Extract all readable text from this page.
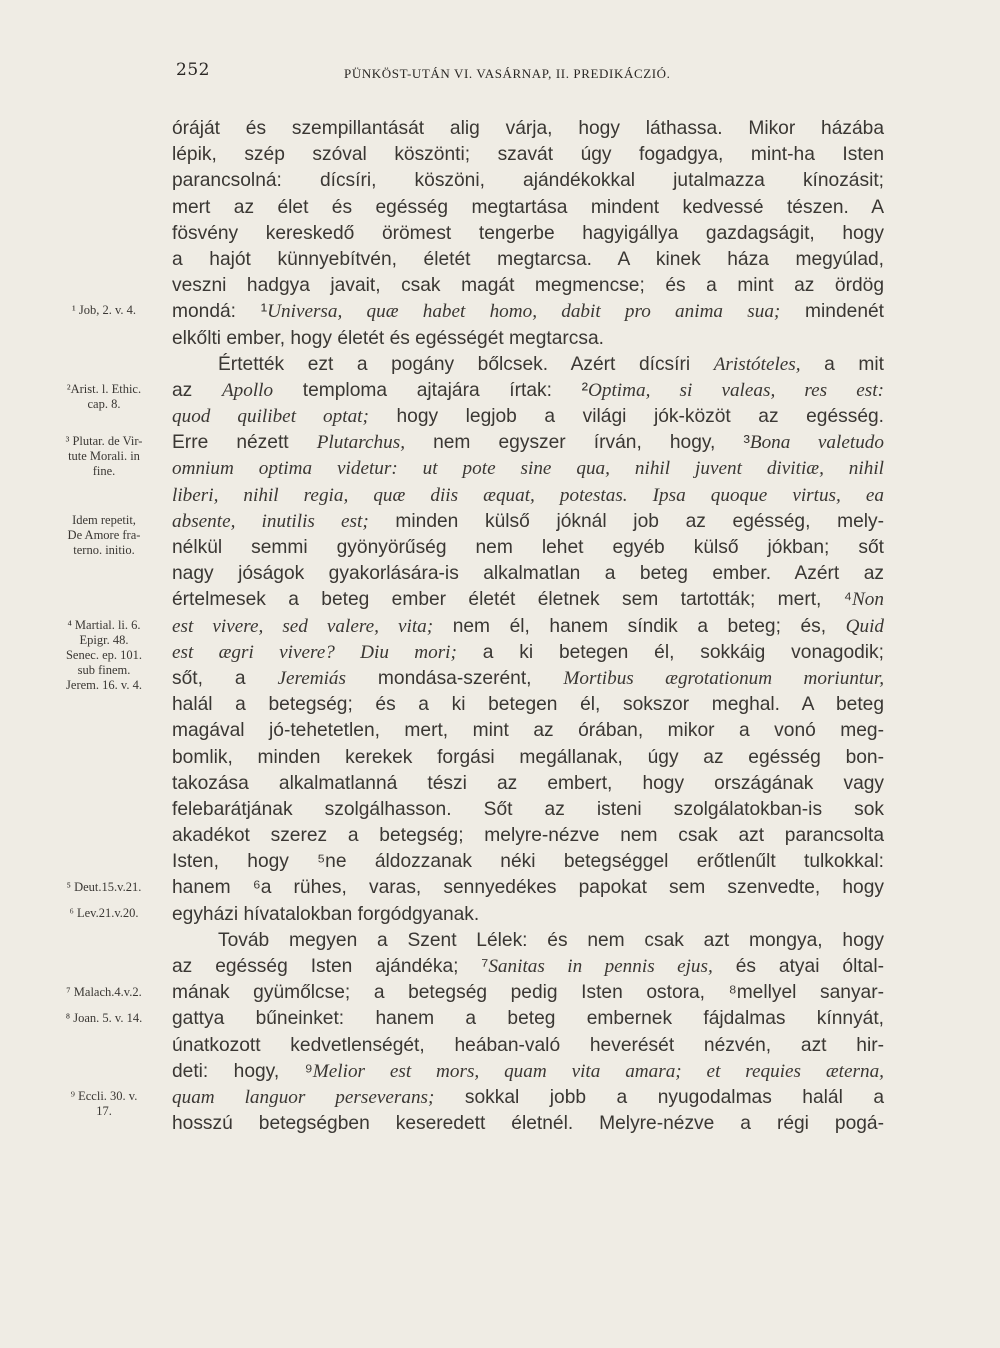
252	PÜNKÖST-UTÁN VI. VASÁRNAP, II. PREDIKÁCZIÓ.
¹ Job, 2. v. 4.
²Arist. l. Ethic.
cap. 8.
³ Plutar. de Vir-
tute Morali. in
fine.
Idem repetit,
De Amore fra-
terno. initio.
⁴ Martial. li. 6.
Epigr. 48.
Senec. ep. 101.
sub finem.
Jerem. 16. v. 4.
⁵ Deut.15.v.21.
⁶ Lev.21.v.20.
⁷ Malach.4.v.2.
⁸ Joan. 5. v. 14.
⁹ Eccli. 30. v.
17.
óráját és szempillantását alig várja, hogy láthassa. Mikor házába
lépik, szép szóval köszönti; szavát úgy fogadgya, mint-ha Isten
parancsolná: dícsíri, köszöni, ajándékokkal jutalmazza kínozásit;
mert az élet és egésség megtartása mindent kedvessé tészen. A
fösvény kereskedő örömest tengerbe hagyigállya gazdagságit, hogy
a hajót künnyebítvén, életét megtarcsa. A kinek háza megyúlad,
veszni hadgya javait, csak magát megmencse; és a mint az ördög
mondá: ¹Universa, quæ habet homo, dabit pro anima sua; mindenét
elkőlti ember, hogy életét és egésségét megtarcsa.
Értették ezt a pogány bőlcsek. Azért dícsíri Aristóteles, a mit
az Apollo temploma ajtajára írtak: ²Optima, si valeas, res est:
quod quilibet optat; hogy legjob a világi jók-közöt az egésség.
Erre nézett Plutarchus, nem egyszer írván, hogy, ³Bona valetudo
omnium optima videtur: ut pote sine qua, nihil juvent divitiæ, nihil
liberi, nihil regia, quæ diis æquat, potestas. Ipsa quoque virtus, ea
absente, inutilis est; minden külső jóknál job az egésség, mely-
nélkül semmi gyönyörűség nem lehet egyéb külső jókban; sőt
nagy jóságok gyakorlására-is alkalmatlan a beteg ember. Azért az
értelmesek a beteg ember életét életnek sem tartották; mert, ⁴Non
est vivere, sed valere, vita; nem él, hanem síndik a beteg; és, Quid
est ægri vivere? Diu mori; a ki betegen él, sokkáig vonagodik;
sőt, a Jeremiás mondása-szerént, Mortibus ægrotationum moriuntur,
halál a betegség; és a ki betegen él, sokszor meghal. A beteg
magával jó-tehetetlen, mert, mint az órában, mikor a vonó meg-
bomlik, minden kerekek forgási megállanak, úgy az egésség bon-
takozása alkalmatlanná tészi az embert, hogy országának vagy
felebarátjának szolgálhasson. Sőt az isteni szolgálatokban-is sok
akadékot szerez a betegség; melyre-nézve nem csak azt parancsolta
Isten, hogy ⁵ne áldozzanak néki betegséggel erőtlenűlt tulkokkal:
hanem ⁶a rühes, varas, sennyedékes papokat sem szenvedte, hogy
egyházi hívatalokban forgódgyanak.
Továb megyen a Szent Lélek: és nem csak azt mongya, hogy
az egésség Isten ajándéka; ⁷Sanitas in pennis ejus, és atyai óltal-
mának gyümőlcse; a betegség pedig Isten ostora, ⁸mellyel sanyar-
gattya bűneinket: hanem a beteg embernek fájdalmas kínnyát,
únatkozott kedvetlenségét, heában-való heverését nézvén, azt hir-
deti: hogy, ⁹Melior est mors, quam vita amara; et requies æterna,
quam languor perseverans; sokkal jobb a nyugodalmas halál a
hosszú betegségben keseredett életnél. Melyre-nézve a régi pogá-
